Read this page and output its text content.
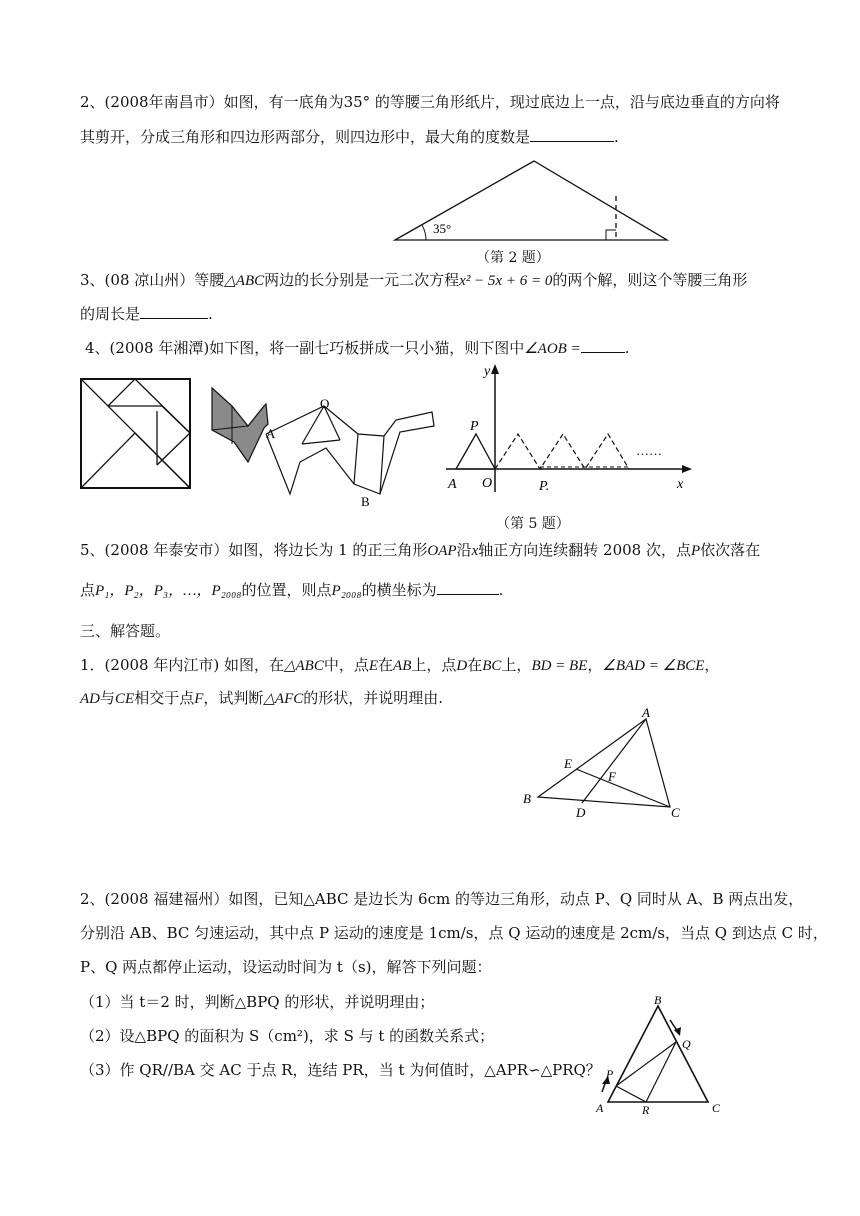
2、(2008年南昌市）如图，有一底角为35° 的等腰三角形纸片，现过底边上一点，沿与底边垂直的方向将
其剪开，分成三角形和四边形两部分，则四边形中，最大角的度数是	.
35°
（第 2 题）
3、(08 凉山州）等腰△ABC两边的长分别是一元二次方程x² − 5x + 6 = 0的两个解，则这个等腰三角形
的周长是	.
4、(2008 年湘潭)如下图，将一副七巧板拼成一只小猫，则下图中∠AOB =	.
O
A
B
y
x
O
A
P
P.
……
（第 5 题）
5、(2008 年泰安市）如图，将边长为 1 的正三角形OAP沿x轴正方向连续翻转 2008 次，点P依次落在
点P₁，P₂，P₃，…，P₂₀₀₈的位置，则点P₂₀₀₈的横坐标为	.
三、解答题。
1．(2008 年内江市) 如图，在△ABC中，点E在AB上，点D在BC上，BD = BE，∠BAD = ∠BCE，
AD与CE相交于点F，试判断△AFC的形状，并说明理由.
A
B
C
D
E
F
2、(2008 福建福州）如图，已知△ABC 是边长为 6cm 的等边三角形，动点 P、Q 同时从 A、B 两点出发，
分别沿 AB、BC 匀速运动，其中点 P 运动的速度是 1cm/s，点 Q 运动的速度是 2cm/s，当点 Q 到达点 C 时，
P、Q 两点都停止运动，设运动时间为 t（s)，解答下列问题：
（1）当 t＝2 时，判断△BPQ 的形状，并说明理由；
（2）设△BPQ 的面积为 S（cm²)，求 S 与 t 的函数关系式；
（3）作 QR//BA 交 AC 于点 R，连结 PR，当 t 为何值时，△APR∽△PRQ？
B
A	C
Q
P
R
